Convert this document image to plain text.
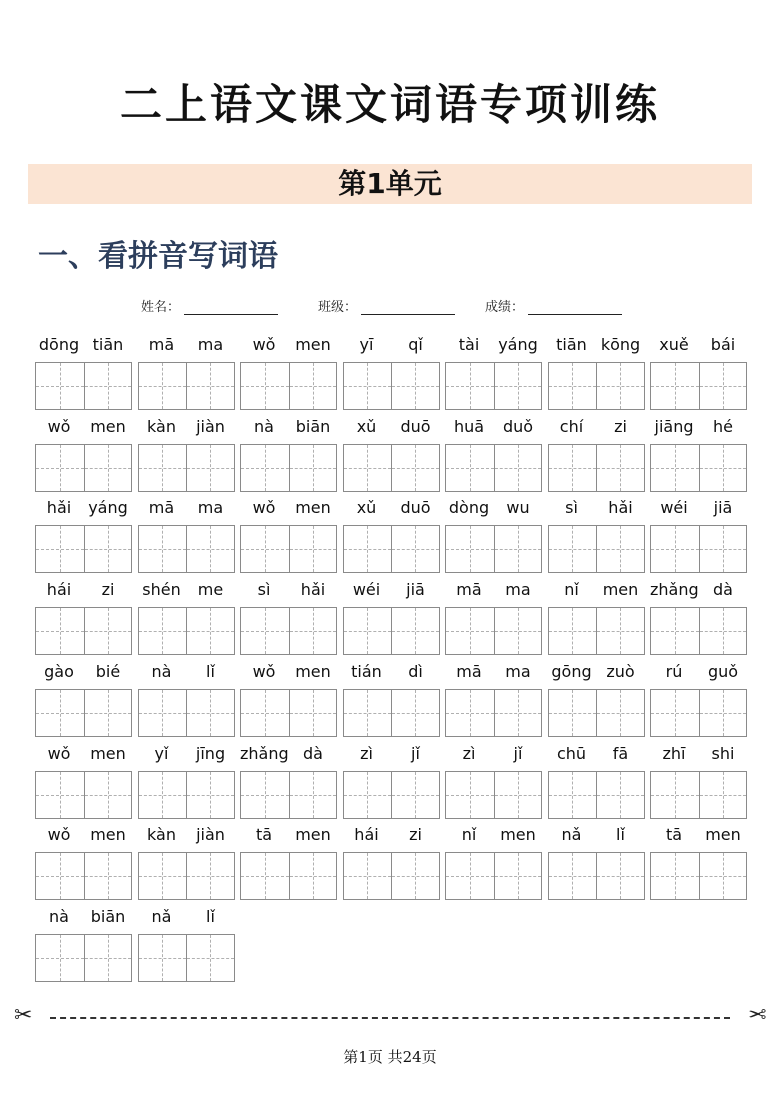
二上语文课文词语专项训练
第1单元
一、看拼音写词语
姓名：	班级：	成绩：
dōng tiān	mā	ma	wǒ	men	yī	qǐ	tài	yáng	tiān kōng	xuě	bái
wǒ	men	kàn	jiàn	nà	biān	xǔ	duō	huā	duǒ	chí	zi	jiāng	hé
hǎi	yáng	mā	ma	wǒ	men	xǔ	duō	dòng	wu	sì	hǎi	wéi	jiā
hái	zi	shén	me	sì	hǎi	wéi	jiā	mā	ma	nǐ	men zhǎng dà
gào	bié	nà	lǐ	wǒ	men	tián	dì	mā	ma	gōng zuò	rú	guǒ
wǒ	men	yǐ	jīng zhǎng dà	zì	jǐ	zì	jǐ	chū	fā	zhī	shi
wǒ	men	kàn	jiàn	tā	men	hái	zi	nǐ	men	nǎ	lǐ	tā	men
nà	biān	nǎ	lǐ
✂	✂
第1页 共24页
